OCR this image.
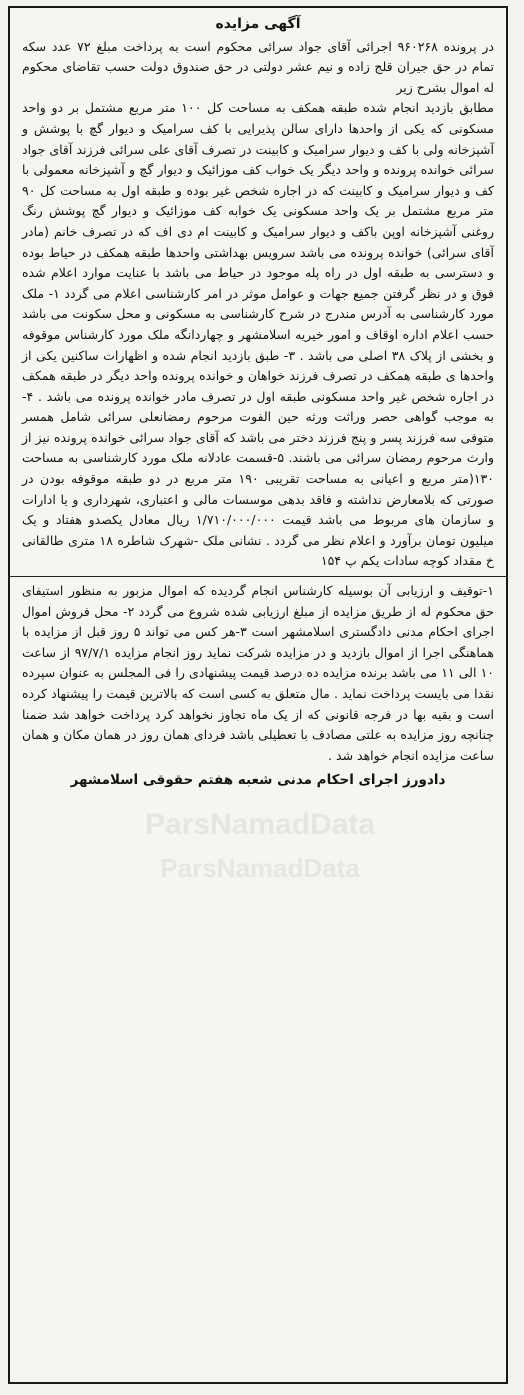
ParsNamadData
ParsNamadData
آگهی مزایده

در پرونده ۹۶۰۲۶۸ اجرائی آقای جواد سرائی محکوم است به پرداخت مبلغ ۷۲ عدد سکه تمام در حق جیران قلج زاده و نیم عشر دولتی در حق صندوق دولت حسب تقاضای محکوم له اموال بشرح زیر

مطابق بازدید انجام شده طبقه همکف به مساحت کل ۱۰۰ متر مربع مشتمل بر دو واحد مسکونی که یکی از واحدها دارای سالن پذیرایی با کف سرامیک و دیوار گچ با پوشش و آشپزخانه ولی با کف و دیوار سرامیک و کابینت در تصرف آقای علی سرائی فرزند آقای جواد سرائی خوانده پرونده و واحد دیگر یک خواب کف موزائیک و دیوار گچ و آشپزخانه معمولی با کف و دیوار سرامیک و کابینت که در اجاره شخص غیر بوده و طبقه اول به مساحت کل ۹۰ متر مربع مشتمل بر یک واحد مسکونی یک خوابه کف موزائیک و دیوار گچ پوشش رنگ روغنی آشپزخانه اوپن باکف و دیوار سرامیک و کابینت ام دی اف که در تصرف خانم (مادر آقای سرائی) خوانده پرونده می باشد سرویس بهداشتی واحدها طبقه همکف در حیاط بوده و دسترسی به طبقه اول در راه پله موجود در حیاط می باشد با عنایت موارد اعلام شده فوق و در نظر گرفتن جمیع جهات و عوامل موثر در امر کارشناسی اعلام می گردد ۱- ملک مورد کارشناسی به آدرس مندرج در شرح کارشناسی به مسکونی و محل سکونت می باشد حسب اعلام اداره اوقاف و امور خیریه اسلامشهر و چهاردانگه ملک مورد کارشناس موقوفه و بخشی از پلاک ۳۸ اصلی می باشد . ۳- طبق بازدید انجام شده و اظهارات ساکنین یکی از واحدها ی طبقه همکف در تصرف فرزند خواهان و خوانده پرونده واحد دیگر در طبقه همکف در اجاره شخص غیر واحد مسکونی طبقه اول در تصرف مادر خوانده پرونده می باشد . ۴- به موجب گواهی حصر وراثت ورثه حین الفوت مرحوم رمضانعلی سرائی شامل همسر متوفی سه فرزند پسر و پنج فرزند دختر می باشد که آقای جواد سرائی خوانده پرونده نیز از وارث مرحوم رمضان سرائی می باشند. ۵-قسمت عادلانه ملک مورد کارشناسی به مساحت ۱۳۰(متر مربع و اعیانی به مساحت تقریبی ۱۹۰ متر مربع در دو طبقه موقوفه بودن در صورتی که بلامعارض نداشته و فاقد بدهی موسسات مالی و اعتباری، شهرداری و یا ادارات و سازمان های مربوط می باشد قیمت ۱/۷۱۰/۰۰۰/۰۰۰ ریال معادل یکصدو هفتاد و یک میلیون تومان برآورد و اعلام نظر می گردد . نشانی ملک -شهرک شاطره ۱۸ متری طالقانی خ مقداد کوچه سادات یکم پ ۱۵۴

۱-توقیف و ارزیابی آن بوسیله کارشناس انجام گردیده که اموال مزبور به منظور استیفای حق محکوم له از طریق مزایده از مبلغ ارزیابی شده شروع می گردد ۲- محل فروش اموال اجرای احکام مدنی دادگستری اسلامشهر است ۳-هر کس می تواند ۵ روز قبل از مزایده با هماهنگی اجرا از اموال بازدید و در مزایده شرکت نماید روز انجام مزایده ۹۷/۷/۱ از ساعت ۱۰ الی ۱۱ می باشد برنده مزایده ده درصد قیمت پیشنهادی را فی المجلس به عنوان سپرده نقدا می بایست پرداخت نماید . مال متعلق به کسی است که بالاترین قیمت را پیشنهاد کرده است و بقیه بها در فرجه قانونی که از یک ماه تجاوز نخواهد کرد پرداخت خواهد شد ضمنا چنانچه روز مزایده به علتی مصادف با تعطیلی باشد فردای همان روز در همان مکان و همان ساعت مزایده انجام خواهد شد .

دادورز اجرای احکام مدنی شعبه هفتم حقوقی اسلامشهر
